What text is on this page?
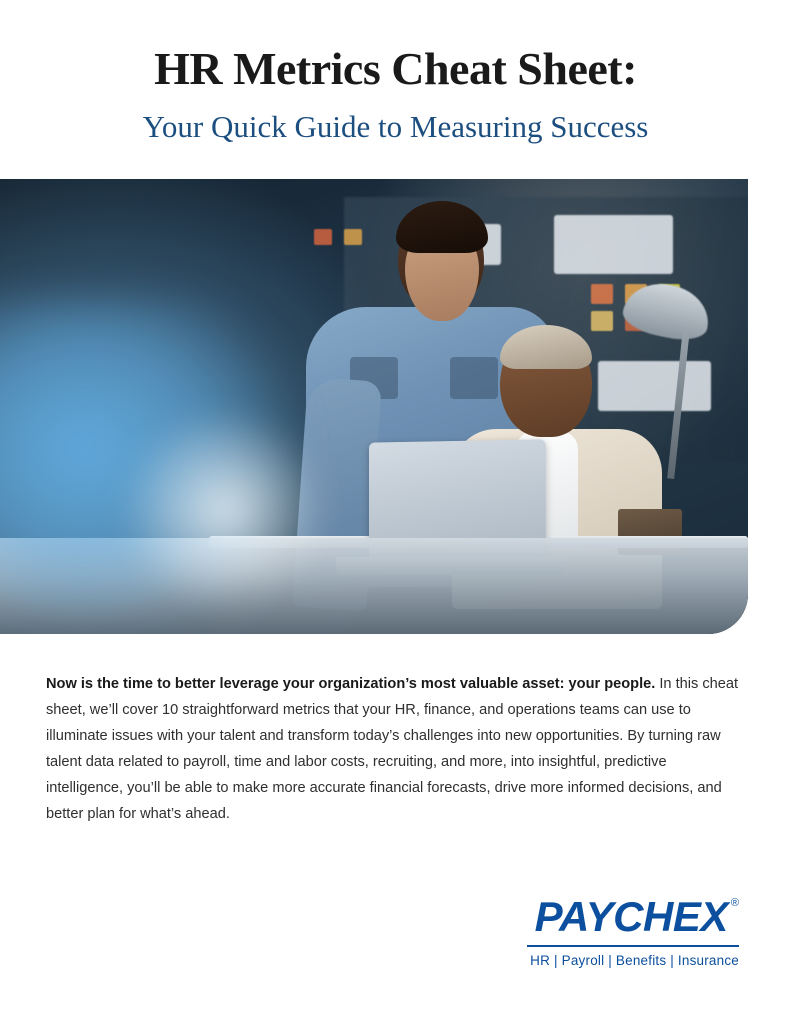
HR Metrics Cheat Sheet:
Your Quick Guide to Measuring Success
Now is the time to better leverage your organization’s most valuable asset: your people. In this cheat sheet, we’ll cover 10 straightforward metrics that your HR, finance, and operations teams can use to illuminate issues with your talent and transform today’s challenges into new opportunities. By turning raw talent data related to payroll, time and labor costs, recruiting, and more, into insightful, predictive intelligence, you’ll be able to make more accurate financial forecasts, drive more informed decisions, and better plan for what’s ahead.
PAYCHEX ®
HR | Payroll | Benefits | Insurance
